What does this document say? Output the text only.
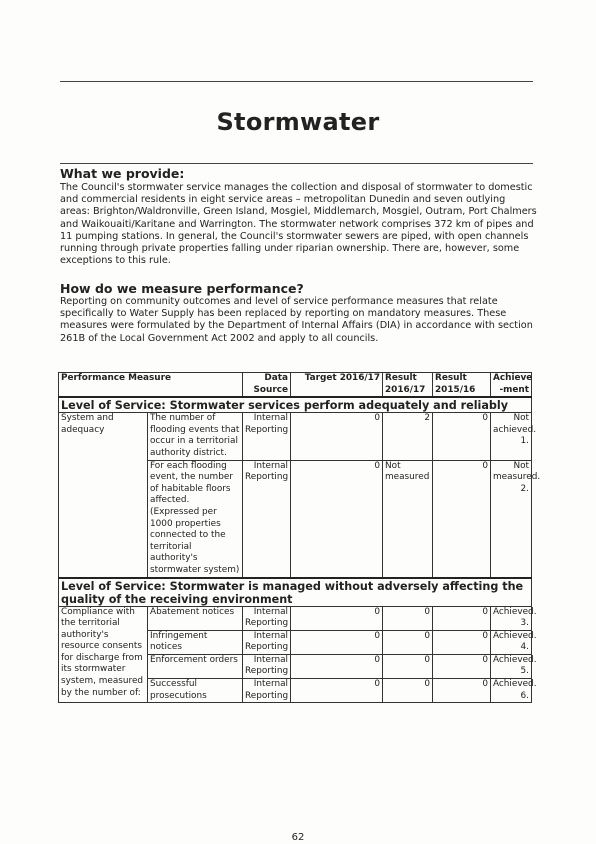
Stormwater
What we provide:
The Council's stormwater service manages the collection and disposal of stormwater to domestic and commercial residents in eight service areas – metropolitan Dunedin and seven outlying areas: Brighton/Waldronville, Green Island, Mosgiel, Middlemarch, Mosgiel, Outram, Port Chalmers and Waikouaiti/Karitane and Warrington. The stormwater network comprises 372 km of pipes and 11 pumping stations. In general, the Council's stormwater sewers are piped, with open channels running through private properties falling under riparian ownership. There are, however, some exceptions to this rule.
How do we measure performance?
Reporting on community outcomes and level of service performance measures that relate specifically to Water Supply has been replaced by reporting on mandatory measures. These measures were formulated by the Department of Internal Affairs (DIA) in accordance with section 261B of the Local Government Act 2002 and apply to all councils.
Performance Measure		Data Source	Target 2016/17	Result 2016/17	Result 2015/16	Achieve -ment
Level of Service: Stormwater services perform adequately and reliably						
System and adequacy	The number of flooding events that occur in a territorial authority district.	Internal Reporting	0	2	0	Not achieved. 1.
	For each flooding event, the number of habitable floors affected. (Expressed per 1000 properties connected to the territorial authority's stormwater system)	Internal Reporting	0	Not measured	0	Not measured. 2.
Level of Service: Stormwater is managed without adversely affecting the quality of the receiving environment						
Compliance with the territorial authority's resource consents for discharge from its stormwater system, measured by the number of:	Abatement notices	Internal Reporting	0	0	0	Achieved. 3.
	Infringement notices	Internal Reporting	0	0	0	Achieved. 4.
	Enforcement orders	Internal Reporting	0	0	0	Achieved. 5.
	Successful prosecutions	Internal Reporting	0	0	0	Achieved. 6.
62
